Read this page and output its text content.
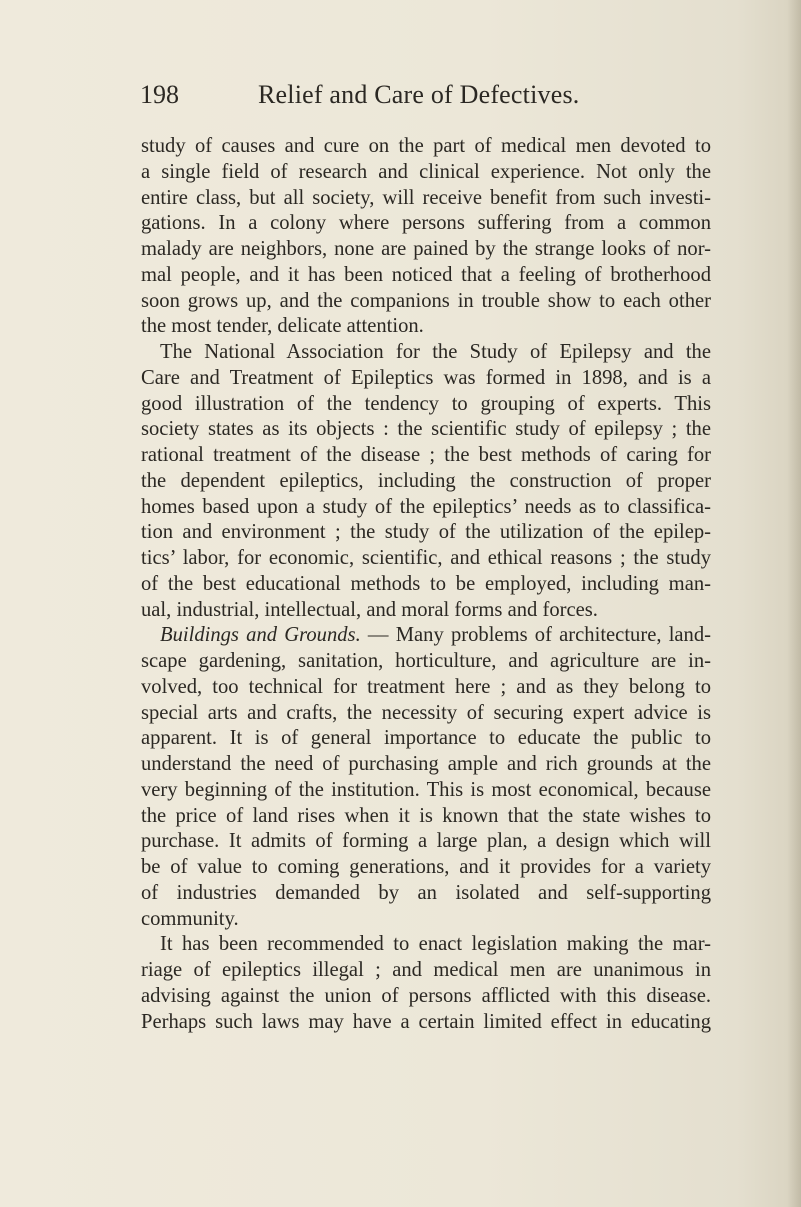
198	Relief and Care of Defectives.

study of causes and cure on the part of medical men devoted to
a single field of research and clinical experience. Not only the
entire class, but all society, will receive benefit from such investi-
gations. In a colony where persons suffering from a common
malady are neighbors, none are pained by the strange looks of nor-
mal people, and it has been noticed that a feeling of brotherhood
soon grows up, and the companions in trouble show to each other
the most tender, delicate attention.

The National Association for the Study of Epilepsy and the
Care and Treatment of Epileptics was formed in 1898, and is a
good illustration of the tendency to grouping of experts. This
society states as its objects : the scientific study of epilepsy ; the
rational treatment of the disease ; the best methods of caring for
the dependent epileptics, including the construction of proper
homes based upon a study of the epileptics’ needs as to classifica-
tion and environment ; the study of the utilization of the epilep-
tics’ labor, for economic, scientific, and ethical reasons ; the study
of the best educational methods to be employed, including man-
ual, industrial, intellectual, and moral forms and forces.

Buildings and Grounds. — Many problems of architecture, land-
scape gardening, sanitation, horticulture, and agriculture are in-
volved, too technical for treatment here ; and as they belong to
special arts and crafts, the necessity of securing expert advice is
apparent. It is of general importance to educate the public to
understand the need of purchasing ample and rich grounds at the
very beginning of the institution. This is most economical, because
the price of land rises when it is known that the state wishes to
purchase. It admits of forming a large plan, a design which will
be of value to coming generations, and it provides for a variety
of industries demanded by an isolated and self-supporting
community.

It has been recommended to enact legislation making the mar-
riage of epileptics illegal ; and medical men are unanimous in
advising against the union of persons afflicted with this disease.
Perhaps such laws may have a certain limited effect in educating
